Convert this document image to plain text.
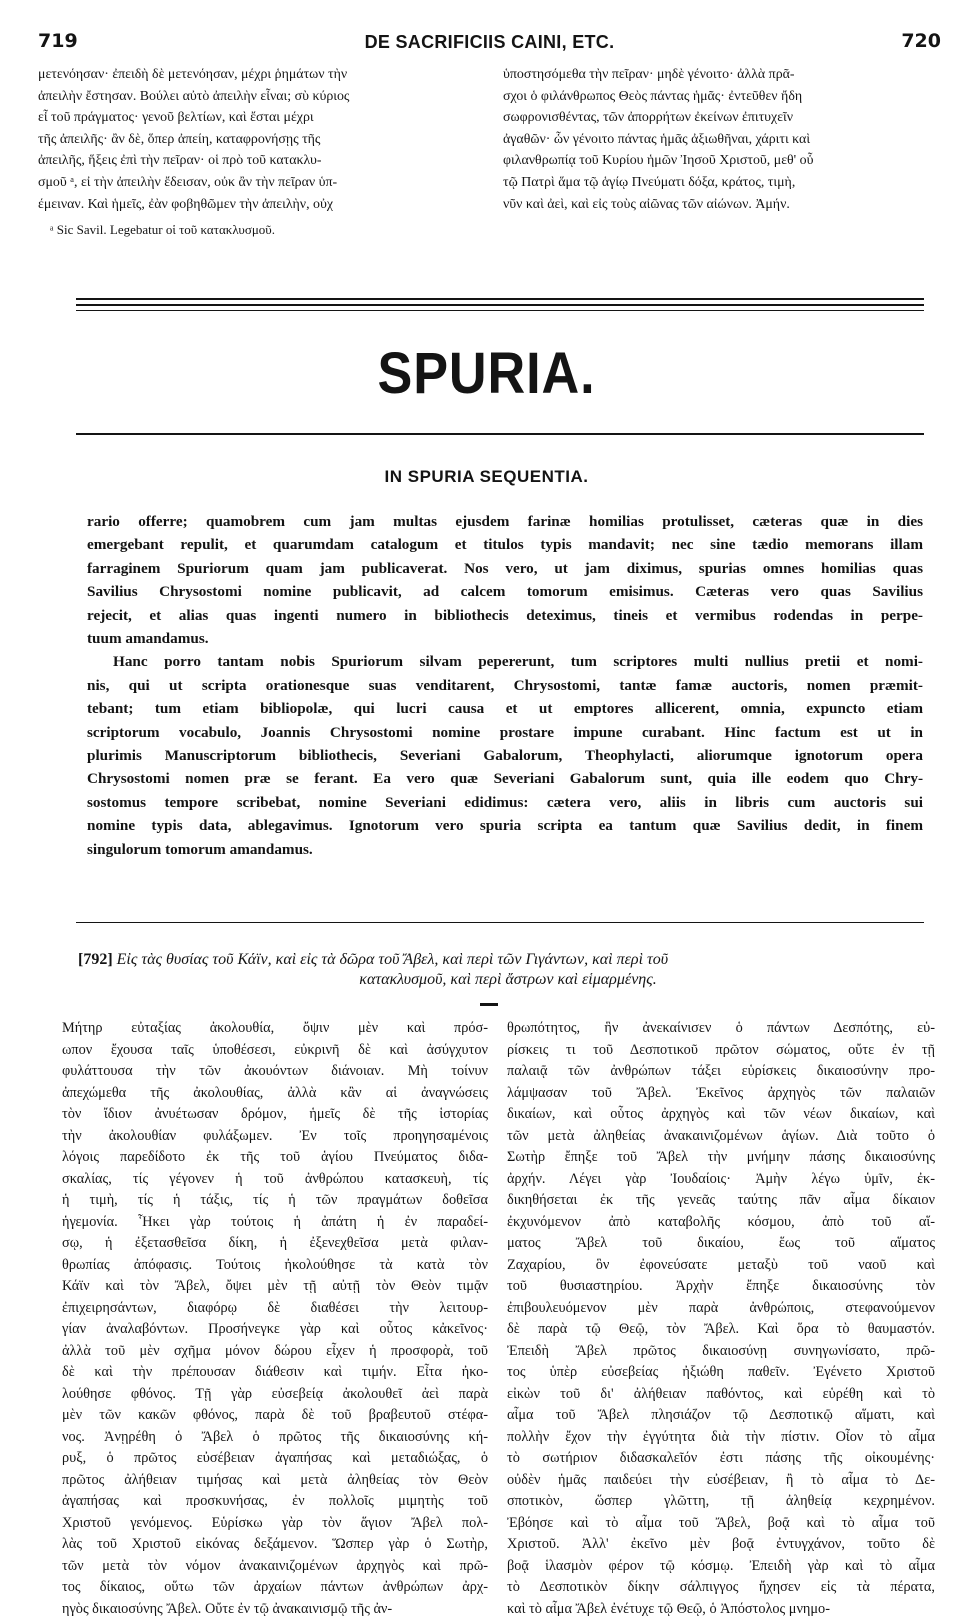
719	DE SACRIFICIIS CAINI, ETC.	720
μετενόησαν· ἐπειδὴ δὲ μετενόησαν, μέχρι ῥημάτων τὴν
ἀπειλὴν ἔστησαν. Βούλει αὐτὸ ἀπειλὴν εἶναι; σὺ κύριος
εἶ τοῦ πράγματος· γενοῦ βελτίων, καὶ ἔσται μέχρι
τῆς ἀπειλῆς· ἂν δὲ, ὅπερ ἀπείη, καταφρονήσῃς τῆς
ἀπειλῆς, ἥξεις ἐπὶ τὴν πεῖραν· οἱ πρὸ τοῦ κατακλυ-
σμοῦ ᵃ, εἰ τὴν ἀπειλὴν ἔδεισαν, οὐκ ἂν τὴν πεῖραν ὑπ-
έμειναν. Καὶ ἡμεῖς, ἐὰν φοβηθῶμεν τὴν ἀπειλὴν, οὐχ
ᵃ Sic Savil. Legebatur οἱ τοῦ κατακλυσμοῦ.
ὑποστησόμεθα τὴν πεῖραν· μηδὲ γένοιτο· ἀλλὰ πρᾶ-
σχοι ὁ φιλάνθρωπος Θεὸς πάντας ἡμᾶς· ἐντεῦθεν ἤδη
σωφρονισθέντας, τῶν ἀπορρήτων ἐκείνων ἐπιτυχεῖν
ἀγαθῶν· ὧν γένοιτο πάντας ἡμᾶς ἀξιωθῆναι, χάριτι καὶ
φιλανθρωπίᾳ τοῦ Κυρίου ἡμῶν Ἰησοῦ Χριστοῦ, μεθ' οὗ
τῷ Πατρὶ ἅμα τῷ ἁγίῳ Πνεύματι δόξα, κράτος, τιμὴ,
νῦν καὶ ἀεὶ, καὶ εἰς τοὺς αἰῶνας τῶν αἰώνων. Ἀμήν.
SPURIA.
IN SPURIA SEQUENTIA.
rario offerre; quamobrem cum jam multas ejusdem farinæ homilias protulisset, cæteras quæ in dies
emergebant repulit, et quarumdam catalogum et titulos typis mandavit; nec sine tædio memorans illam
farraginem Spuriorum quam jam publicaverat. Nos vero, ut jam diximus, spurias omnes homilias quas
Savilius Chrysostomi nomine publicavit, ad calcem tomorum emisimus. Cæteras vero quas Savilius
rejecit, et alias quas ingenti numero in bibliothecis deteximus, tineis et vermibus rodendas in perpe-
tuum amandamus.
Hanc porro tantam nobis Spuriorum silvam pepererunt, tum scriptores multi nullius pretii et nomi-
nis, qui ut scripta orationesque suas venditarent, Chrysostomi, tantæ famæ auctoris, nomen præmit-
tebant; tum etiam bibliopolæ, qui lucri causa et ut emptores allicerent, omnia, expuncto etiam
scriptorum vocabulo, Joannis Chrysostomi nomine prostare impune curabant. Hinc factum est ut in
plurimis Manuscriptorum bibliothecis, Severiani Gabalorum, Theophylacti, aliorumque ignotorum opera
Chrysostomi nomen præ se ferant. Ea vero quæ Severiani Gabalorum sunt, quia ille eodem quo Chry-
sostomus tempore scribebat, nomine Severiani edidimus: cætera vero, aliis in libris cum auctoris sui
nomine typis data, ablegavimus. Ignotorum vero spuria scripta ea tantum quæ Savilius dedit, in finem
singulorum tomorum amandamus.
[792] Εἰς τὰς θυσίας τοῦ Κάϊν, καὶ εἰς τὰ δῶρα τοῦ Ἄβελ, καὶ περὶ τῶν Γιγάντων, καὶ περὶ τοῦ
κατακλυσμοῦ, καὶ περὶ ἄστρων καὶ εἱμαρμένης.
Μήτηρ εὐταξίας ἀκολουθία, ὄψιν μὲν καὶ πρόσ-
ωπον ἔχουσα ταῖς ὑποθέσεσι, εὐκρινῆ δὲ καὶ ἀσύγχυτον
φυλάττουσα τὴν τῶν ἀκουόντων διάνοιαν. Μὴ τοίνυν
ἀπεχώμεθα τῆς ἀκολουθίας, ἀλλὰ κἂν αἱ ἀναγνώσεις
τὸν ἴδιον ἀνυέτωσαν δρόμον, ἡμεῖς δὲ τῆς ἱστορίας
τὴν ἀκολουθίαν φυλάξωμεν. Ἐν τοῖς προηγησαμένοις
λόγοις παρεδίδοτο ἐκ τῆς τοῦ ἁγίου Πνεύματος διδα-
σκαλίας, τίς γέγονεν ἡ τοῦ ἀνθρώπου κατασκευὴ, τίς
ἡ τιμὴ, τίς ἡ τάξις, τίς ἡ τῶν πραγμάτων δοθεῖσα
ἡγεμονία. Ἧκει γὰρ τούτοις ἡ ἀπάτη ἡ ἐν παραδεί-
σῳ, ἡ ἐξετασθεῖσα δίκη, ἡ ἐξενεχθεῖσα μετὰ φιλαν-
θρωπίας ἀπόφασις. Τούτοις ἠκολούθησε τὰ κατὰ τὸν
Κάϊν καὶ τὸν Ἄβελ, ὄψει μὲν τῇ αὐτῇ τὸν Θεὸν τιμᾷν
ἐπιχειρησάντων, διαφόρῳ δὲ διαθέσει τὴν λειτουρ-
γίαν ἀναλαβόντων. Προσήνεγκε γὰρ καὶ οὗτος κἀκεῖνος·
ἀλλὰ τοῦ μὲν σχῆμα μόνον δώρου εἶχεν ἡ προσφορὰ, τοῦ
δὲ καὶ τὴν πρέπουσαν διάθεσιν καὶ τιμήν. Εἶτα ἠκο-
λούθησε φθόνος. Τῇ γὰρ εὐσεβείᾳ ἀκολουθεῖ ἀεὶ παρὰ
μὲν τῶν κακῶν φθόνος, παρὰ δὲ τοῦ βραβευτοῦ στέφα-
νος. Ἀνῃρέθη ὁ Ἄβελ ὁ πρῶτος τῆς δικαιοσύνης κή-
ρυξ, ὁ πρῶτος εὐσέβειαν ἀγαπήσας καὶ μεταδιώξας, ὁ
πρῶτος ἀλήθειαν τιμήσας καὶ μετὰ ἀληθείας τὸν Θεὸν
ἀγαπήσας καὶ προσκυνήσας, ἐν πολλοῖς μιμητὴς τοῦ
Χριστοῦ γενόμενος. Εὑρίσκω γὰρ τὸν ἅγιον Ἄβελ πολ-
λὰς τοῦ Χριστοῦ εἰκόνας δεξάμενον. Ὥσπερ γὰρ ὁ Σωτὴρ,
τῶν μετὰ τὸν νόμον ἀνακαινιζομένων ἀρχηγὸς καὶ πρῶ-
τος δίκαιος, οὕτω τῶν ἀρχαίων πάντων ἀνθρώπων ἀρχ-
ηγὸς δικαιοσύνης Ἄβελ. Οὔτε ἐν τῷ ἀνακαινισμῷ τῆς ἀν-
θρωπότητος, ἣν ἀνεκαίνισεν ὁ πάντων Δεσπότης, εὑ-
ρίσκεις τι τοῦ Δεσποτικοῦ πρῶτον σώματος, οὔτε ἐν τῇ
παλαιᾷ τῶν ἀνθρώπων τάξει εὑρίσκεις δικαιοσύνην προ-
λάμψασαν τοῦ Ἄβελ. Ἐκεῖνος ἀρχηγὸς τῶν παλαιῶν
δικαίων, καὶ οὗτος ἀρχηγὸς καὶ τῶν νέων δικαίων, καὶ
τῶν μετὰ ἀληθείας ἀνακαινιζομένων ἁγίων. Διὰ τοῦτο ὁ
Σωτὴρ ἔπηξε τοῦ Ἄβελ τὴν μνήμην πάσης δικαιοσύνης
ἀρχήν. Λέγει γὰρ Ἰουδαίοις· Ἀμὴν λέγω ὑμῖν, ἐκ-
δικηθήσεται ἐκ τῆς γενεᾶς ταύτης πᾶν αἷμα δίκαιον
ἐκχυνόμενον ἀπὸ καταβολῆς κόσμου, ἀπὸ τοῦ αἵ-
ματος Ἄβελ τοῦ δικαίου, ἕως τοῦ αἵματος
Ζαχαρίου, ὃν ἐφονεύσατε μεταξὺ τοῦ ναοῦ καὶ
τοῦ θυσιαστηρίου. Ἀρχὴν ἔπηξε δικαιοσύνης τὸν
ἐπιβουλευόμενον μὲν παρὰ ἀνθρώποις, στεφανούμενον
δὲ παρὰ τῷ Θεῷ, τὸν Ἄβελ. Καὶ ὅρα τὸ θαυμαστόν.
Ἐπειδὴ Ἄβελ πρῶτος δικαιοσύνῃ συνηγωνίσατο, πρῶ-
τος ὑπὲρ εὐσεβείας ἠξιώθη παθεῖν. Ἐγένετο Χριστοῦ
εἰκὼν τοῦ δι' ἀλήθειαν παθόντος, καὶ εὑρέθη καὶ τὸ
αἷμα τοῦ Ἄβελ πλησιάζον τῷ Δεσποτικῷ αἵματι, καὶ
πολλὴν ἔχον τὴν ἐγγύτητα διὰ τὴν πίστιν. Οἶον τὸ αἷμα
τὸ σωτήριον διδασκαλεῖόν ἐστι πάσης τῆς οἰκουμένης·
οὐδὲν ἡμᾶς παιδεύει τὴν εὐσέβειαν, ἢ τὸ αἷμα τὸ Δε-
σποτικὸν, ὥσπερ γλῶττη, τῇ ἀληθείᾳ κεχρημένον.
Ἐβόησε καὶ τὸ αἷμα τοῦ Ἄβελ, βοᾷ καὶ τὸ αἷμα τοῦ
Χριστοῦ. Ἀλλ' ἐκεῖνο μὲν βοᾷ ἐντυγχάνον, τοῦτο δὲ
βοᾷ ἱλασμὸν φέρον τῷ κόσμῳ. Ἐπειδὴ γὰρ καὶ τὸ αἷμα
τὸ Δεσποτικὸν δίκην σάλπιγγος ἤχησεν εἰς τὰ πέρατα,
καὶ τὸ αἷμα Ἄβελ ἐνέτυχε τῷ Θεῷ, ὁ Ἀπόστολος μνημο-
